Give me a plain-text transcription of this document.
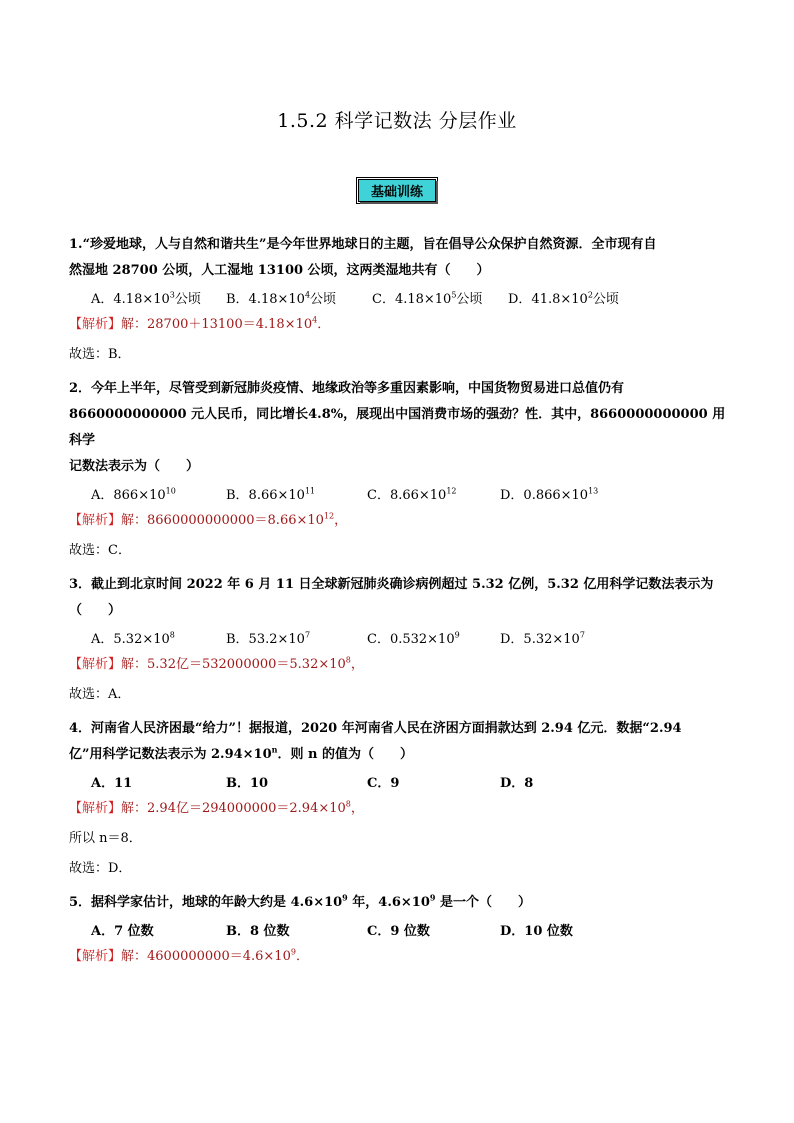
1.5.2 科学记数法 分层作业
基础训练

1.“珍爱地球，人与自然和谐共生”是今年世界地球日的主题，旨在倡导公众保护自然资源．全市现有自
然湿地 28700 公顷，人工湿地 13100 公顷，这两类湿地共有（　　）

A．$4.18\times 10^3$公顷	B．$4.18\times 10^4$公顷	C．$4.18\times 10^5$公顷	D．$41.8\times 10^2$公顷

【解析】解：$28700+13100=4.18\times 10^4$．

故选：B．

2．今年上半年，尽管受到新冠肺炎疫情、地缘政治等多重因素影响，中国货物贸易进口总值仍有
8660000000000 元人民币，同比增长4.8%，展现出中国消费市场的强劲？性．其中，8660000000000 用科学
记数法表示为（　　）

A．$866\times 10^{10}$	B．$8.66\times 10^{11}$	C．$8.66\times 10^{12}$	D．$0.866\times 10^{13}$

【解析】解：$8660000000000=8.66\times 10^{12}$，

故选：C．

3．截止到北京时间 2022 年 6 月 11 日全球新冠肺炎确诊病例超过 5.32 亿例，5.32 亿用科学记数法表示为
（　　）

A．$5.32\times 10^8$	B．$53.2\times 10^7$	C．$0.532\times 10^9$	D．$5.32\times 10^7$

【解析】解：5.32亿$=532000000=5.32\times 10^8$，

故选：A．

4．河南省人民济困最“给力”！据报道，2020 年河南省人民在济困方面捐款达到 2.94 亿元．数据“2.94
亿”用科学记数法表示为 $2.94\times 10^n$．则 n 的值为（　　）

A．11	B．10	C．9	D．8

【解析】解：2.94亿$=294000000=2.94\times 10^8$，

所以 n＝8．

故选：D．

5．据科学家估计，地球的年龄大约是 $4.6\times 10^9$ 年，$4.6\times 10^9$ 是一个（　　）

A．7 位数	B．8 位数	C．9 位数	D．10 位数

【解析】解：$4600000000=4.6\times 10^9$．
